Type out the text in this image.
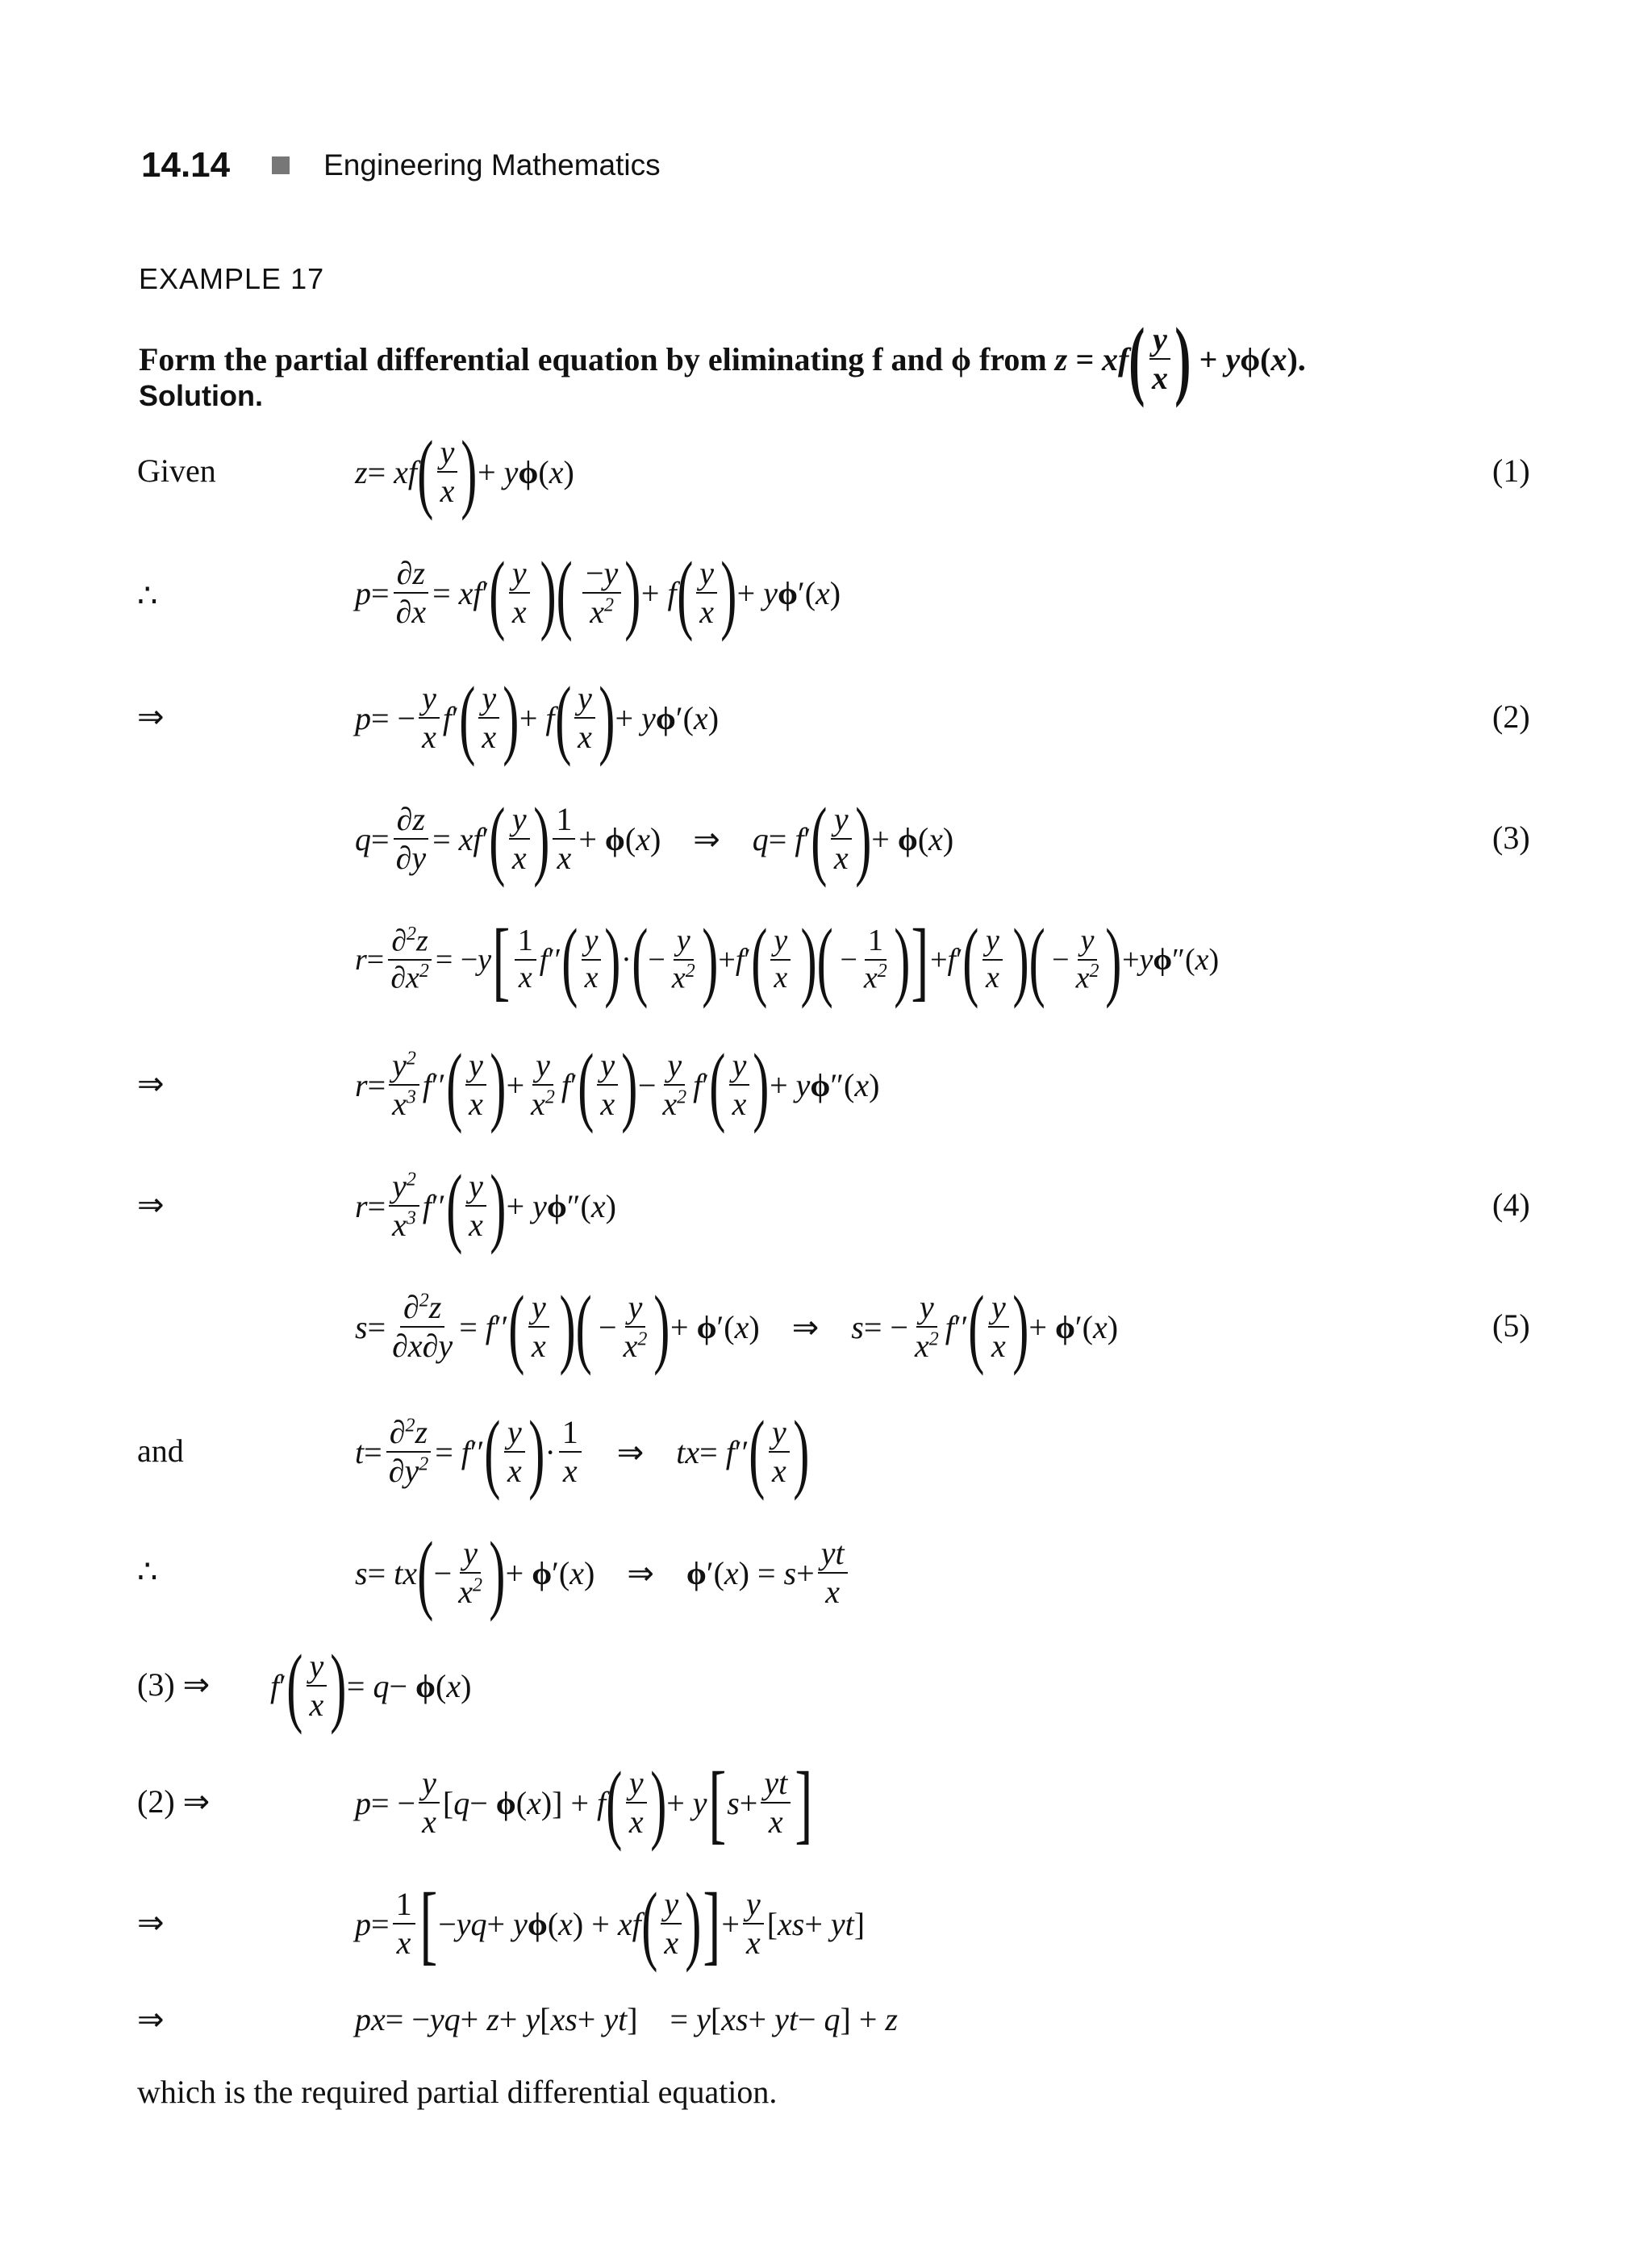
14.14	Engineering Mathematics
EXAMPLE 17
Form the partial differential equation by eliminating f and ϕ from
z = xf ( y
x )
+ y ϕ( x ).
Solution.
Given	z = xf ( y
x ) + y ϕ( x )	(1)
∴	$p = \frac{\partial z}{\partial x}$ = xf ′ ( y
x )( −y
$x^2$ ) + f ( y
x ) + y ϕ′( x )
⇒	p = − $\frac{y}{x}$ f ′ ( y
x ) + f ( y
x ) + y ϕ′( x )	(2)
$q = \frac{\partial z}{\partial y}$ = xf ′ ( y
x ) 1
x
+ ϕ( x ) ⇒ q = f ′ ( y
x ) + ϕ( x )	(3)
$r = \frac{\partial^2z}{\partial x^2}$ = − y [ 1
x
f ′′ ( y
x ) · ( − $\frac{y}{x^2}$ ) + f ′ ( y
x )( − $\frac{1}{x^2}$ ) ] + f ′ ( y
x )( − $\frac{y}{x^2}$ ) + y ϕ″( x )
⇒	$r = \frac{y^2}{x^3}$ f ′′ ( y
x ) + $\frac{y}{x^2}$ f ′ ( y
x ) − $\frac{y}{x^2}$ f ′ ( y
x ) + y ϕ″( x )
⇒	$r = \frac{y^2}{x^3}$ f ′′ ( y
x ) + y ϕ″( x )	(4)
$s = \frac{\partial^2z}{\partial x\partial y} = f$ ′′ ( y
x )( − $\frac{y}{x^2}$ ) + ϕ′( x ) ⇒ s = − $\frac{y}{x^2}$ f ′′ ( y
x ) + ϕ′( x )	(5)
and	$t = \frac{\partial^2z}{\partial y^2} = f$ ′′ ( y
x ) ·
1
x
⇒ tx = f ′′ ( y
x )
∴	s = tx ( − $\frac{y}{x^2}$ ) + ϕ′( x ) ⇒ ϕ′( x ) = $s + \frac{yt}{x}$
(3) ⇒ f ′ ( y
x ) = q − ϕ( x )
(2) ⇒	p = − $\frac{y}{x}$ [ q − ϕ( x )] + f ( y
x ) + y [ $s + \frac{yt}{x}$ ]
⇒	$p = \frac{1}{x}$ [ − yq + y ϕ( x ) + xf ( y
x ) ] + $\frac{y}{x}$ [ xs + yt ]
⇒	px = − yq + z + y [ xs + yt ] = y [ xs + yt − q ] + z
which is the required partial differential equation.
